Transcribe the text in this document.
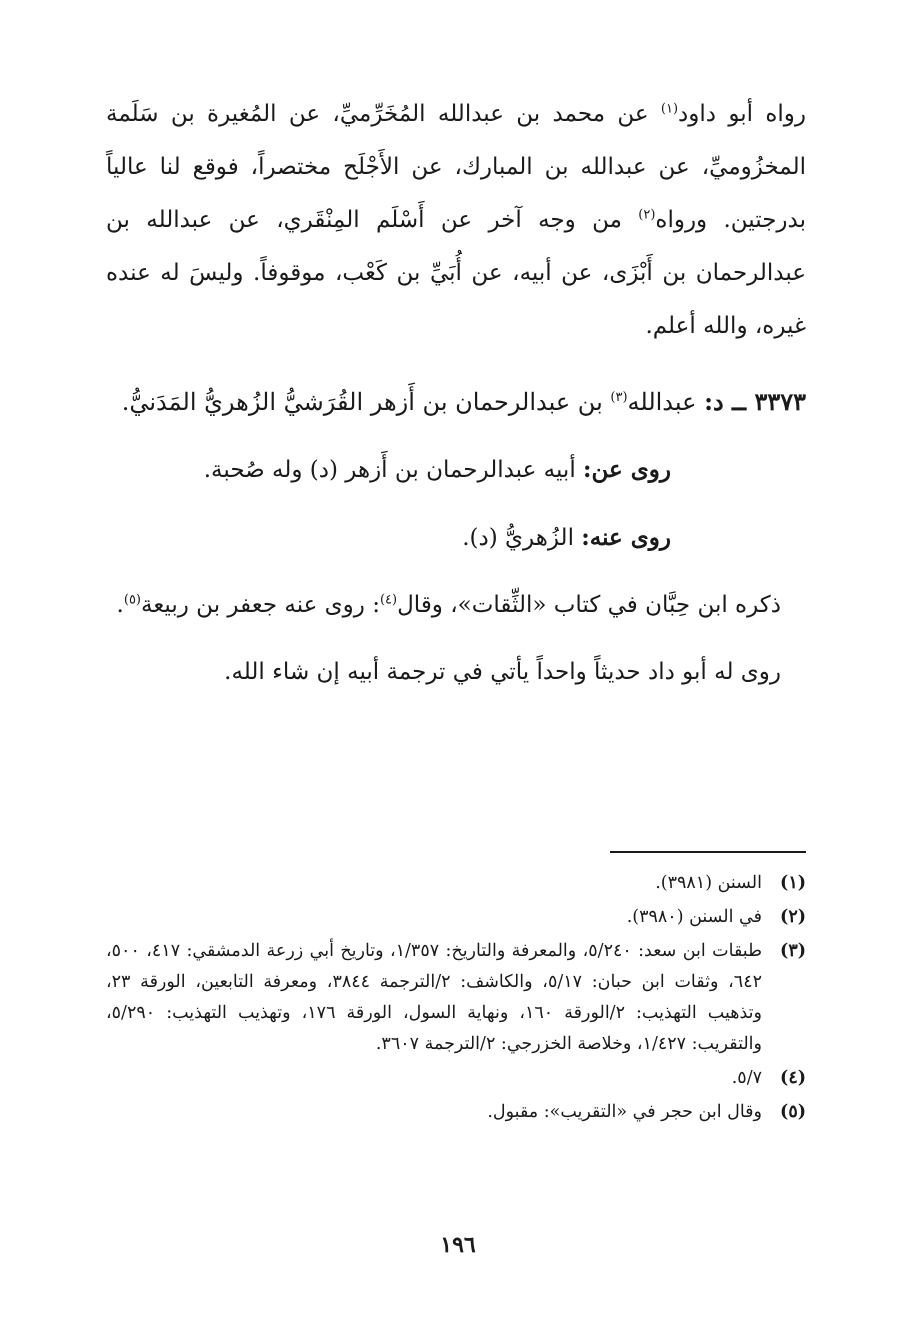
رواه أبو داود$^{(١)}$ عن محمد بن عبدالله المُخَرِّميِّ، عن المُغيرة بن سَلَمة المخزُوميِّ، عن عبدالله بن المبارك، عن الأَجْلَح مختصراً، فوقع لنا عالياً بدرجتين. ورواه$^{(٢)}$ من وجه آخر عن أَسْلَم المِنْقَري، عن عبدالله بن عبدالرحمان بن أَبْزَى، عن أبيه، عن أُبَيِّ بن كَعْب، موقوفاً. وليسَ له عنده غيره، والله أعلم.

٣٣٧٣ ــ د: عبدالله$^{(٣)}$ بن عبدالرحمان بن أَزهر القُرَشيُّ الزُهريُّ المَدَنيُّ.

روى عن: أبيه عبدالرحمان بن أَزهر (د) وله صُحبة.

روى عنه: الزُهريُّ (د).

ذكره ابن حِبَّان في كتاب «الثِّقات»، وقال$^{(٤)}$: روى عنه جعفر بن ربيعة$^{(٥)}$.

روى له أبو داد حديثاً واحداً يأتي في ترجمة أبيه إن شاء الله.

(١)
السنن (٣٩٨١).
(٢)
في السنن (٣٩٨٠).
(٣)
طبقات ابن سعد: ٥/٢٤٠، والمعرفة والتاريخ: ١/٣٥٧، وتاريخ أبي زرعة الدمشقي: ٤١٧، ٥٠٠، ٦٤٢، وثقات ابن حبان: ٥/١٧، والكاشف: ٢/الترجمة ٣٨٤٤، ومعرفة التابعين، الورقة ٢٣، وتذهيب التهذيب: ٢/الورقة ١٦٠، ونهاية السول، الورقة ١٧٦، وتهذيب التهذيب: ٥/٢٩٠، والتقريب: ١/٤٢٧، وخلاصة الخزرجي: ٢/الترجمة ٣٦٠٧.
(٤)
٥/٧.
(٥)
وقال ابن حجر في «التقريب»: مقبول.
١٩٦
